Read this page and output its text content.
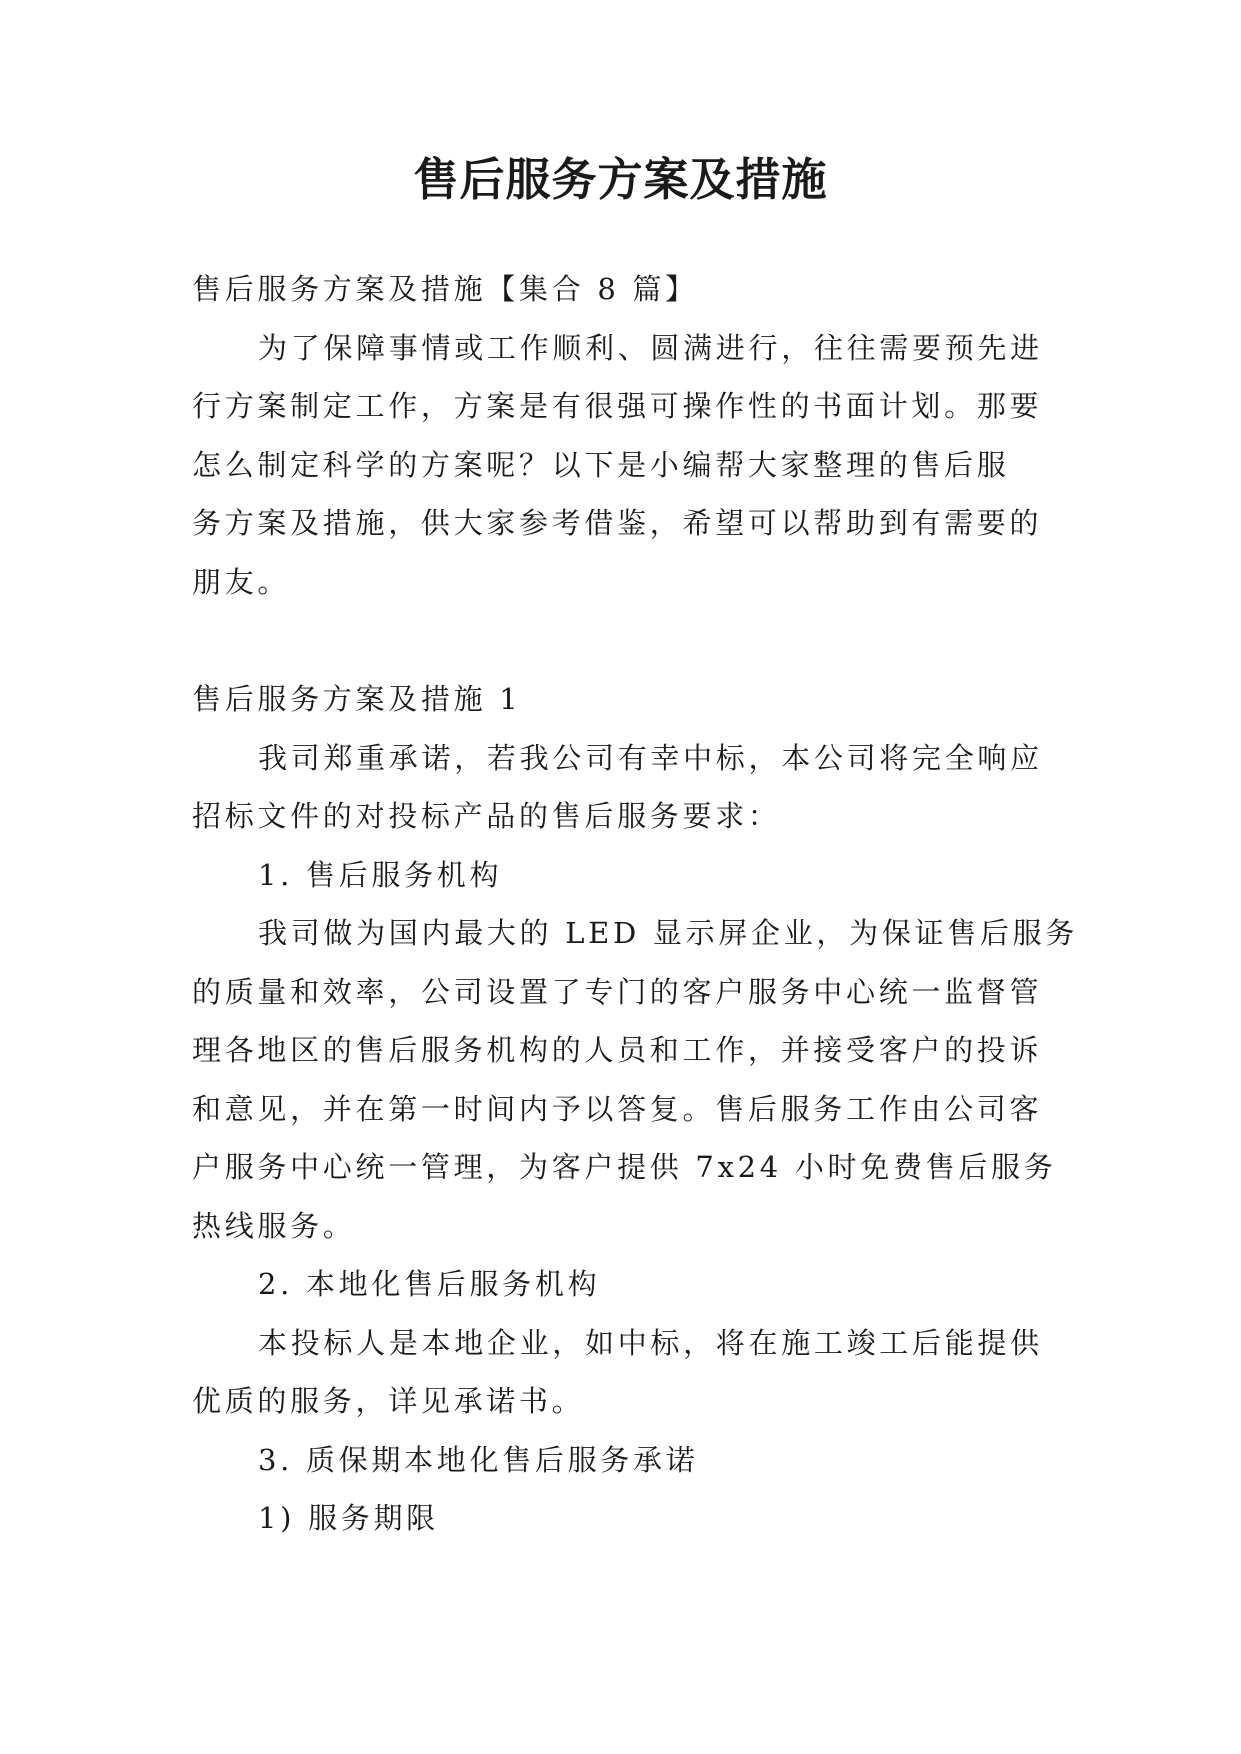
售后服务方案及措施

售后服务方案及措施【集合 8 篇】

为了保障事情或工作顺利、圆满进行，往往需要预先进

行方案制定工作，方案是有很强可操作性的书面计划。那要

怎么制定科学的方案呢？以下是小编帮大家整理的售后服

务方案及措施，供大家参考借鉴，希望可以帮助到有需要的

朋友。

售后服务方案及措施 1

我司郑重承诺，若我公司有幸中标，本公司将完全响应

招标文件的对投标产品的售后服务要求：

1. 售后服务机构

我司做为国内最大的 LED 显示屏企业，为保证售后服务

的质量和效率，公司设置了专门的客户服务中心统一监督管

理各地区的售后服务机构的人员和工作，并接受客户的投诉

和意见，并在第一时间内予以答复。售后服务工作由公司客

户服务中心统一管理，为客户提供 7x24 小时免费售后服务

热线服务。

2. 本地化售后服务机构

本投标人是本地企业，如中标，将在施工竣工后能提供

优质的服务，详见承诺书。

3. 质保期本地化售后服务承诺

1) 服务期限
